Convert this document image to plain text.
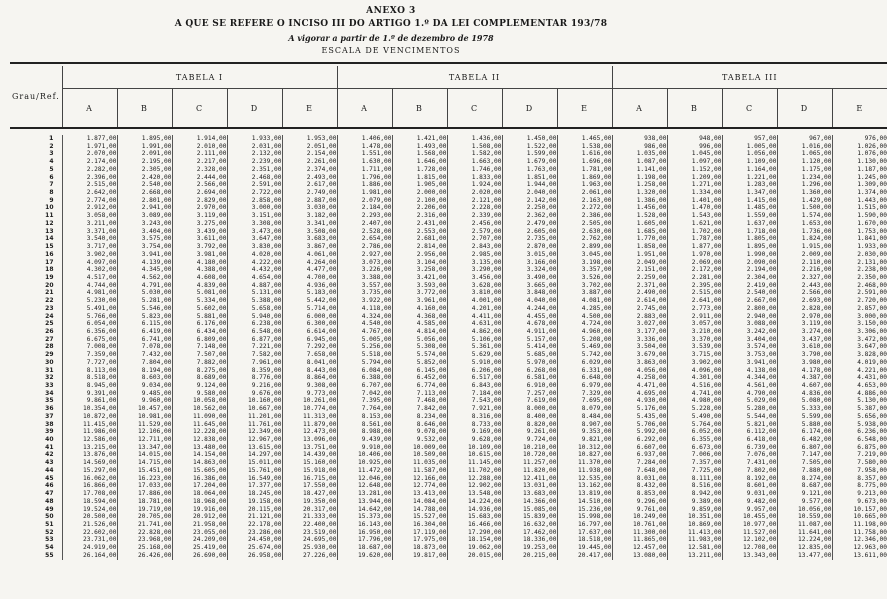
ANEXO 3
A QUE SE REFERE O INCISO III DO ARTIGO 1.º DA LEI COMPLEMENTAR 193/78
A vigorar a partir de 1.º de dezembro de 1978
ESCALA DE VENCIMENTOS

Grau/Ref.	TABELA I					TABELA II					TABELA III				
	A	B	C	D	E	A	B	C	D	E	A	B	C	D	E

1	1.877,00	1.895,00	1.914,00	1.933,00	1.953,00	1.406,00	1.421,00	1.436,00	1.450,00	1.465,00	938,00	948,00	957,00	967,00	976,00
2	1.971,00	1.991,00	2.010,00	2.031,00	2.051,00	1.478,00	1.493,00	1.508,00	1.522,00	1.538,00	986,00	996,00	1.005,00	1.016,00	1.026,00
3	2.070,00	2.091,00	2.111,00	2.132,00	2.154,00	1.551,00	1.568,00	1.582,00	1.599,00	1.616,00	1.035,00	1.045,00	1.056,00	1.065,00	1.076,00
4	2.174,00	2.195,00	2.217,00	2.239,00	2.261,00	1.630,00	1.646,00	1.663,00	1.679,00	1.696,00	1.087,00	1.097,00	1.109,00	1.120,00	1.130,00
5	2.282,00	2.305,00	2.328,00	2.351,00	2.374,00	1.711,00	1.728,00	1.746,00	1.763,00	1.781,00	1.141,00	1.152,00	1.164,00	1.175,00	1.187,00
6	2.396,00	2.420,00	2.444,00	2.468,00	2.493,00	1.796,00	1.815,00	1.833,00	1.851,00	1.869,00	1.198,00	1.209,00	1.221,00	1.234,00	1.245,00
7	2.515,00	2.540,00	2.566,00	2.591,00	2.617,00	1.886,00	1.905,00	1.924,00	1.944,00	1.963,00	1.258,00	1.271,00	1.283,00	1.296,00	1.309,00
8	2.642,00	2.668,00	2.694,00	2.722,00	2.749,00	1.981,00	2.000,00	2.020,00	2.040,00	2.061,00	1.320,00	1.334,00	1.347,00	1.360,00	1.374,00
9	2.774,00	2.801,00	2.829,00	2.858,00	2.887,00	2.079,00	2.100,00	2.121,00	2.142,00	2.163,00	1.386,00	1.401,00	1.415,00	1.429,00	1.443,00
10	2.912,00	2.941,00	2.970,00	3.000,00	3.030,00	2.184,00	2.206,00	2.228,00	2.250,00	2.272,00	1.456,00	1.470,00	1.485,00	1.500,00	1.515,00
11	3.058,00	3.089,00	3.119,00	3.151,00	3.182,00	2.293,00	2.316,00	2.339,00	2.362,00	2.386,00	1.528,00	1.543,00	1.559,00	1.574,00	1.590,00
12	3.211,00	3.243,00	3.275,00	3.308,00	3.341,00	2.407,00	2.431,00	2.456,00	2.479,00	2.505,00	1.605,00	1.621,00	1.637,00	1.653,00	1.670,00
13	3.371,00	3.404,00	3.439,00	3.473,00	3.508,00	2.528,00	2.553,00	2.579,00	2.605,00	2.630,00	1.685,00	1.702,00	1.718,00	1.736,00	1.753,00
14	3.540,00	3.575,00	3.611,00	3.647,00	3.683,00	2.654,00	2.681,00	2.707,00	2.735,00	2.762,00	1.770,00	1.787,00	1.805,00	1.824,00	1.841,00
15	3.717,00	3.754,00	3.792,00	3.830,00	3.867,00	2.786,00	2.814,00	2.843,00	2.870,00	2.899,00	1.858,00	1.877,00	1.895,00	1.915,00	1.933,00
16	3.902,00	3.941,00	3.981,00	4.020,00	4.061,00	2.927,00	2.956,00	2.985,00	3.015,00	3.045,00	1.951,00	1.970,00	1.990,00	2.009,00	2.030,00
17	4.097,00	4.139,00	4.180,00	4.222,00	4.264,00	3.073,00	3.104,00	3.135,00	3.166,00	3.198,00	2.049,00	2.069,00	2.090,00	2.110,00	2.131,00
18	4.302,00	4.345,00	4.388,00	4.432,00	4.477,00	3.226,00	3.258,00	3.290,00	3.324,00	3.357,00	2.151,00	2.172,00	2.194,00	2.216,00	2.238,00
19	4.517,00	4.562,00	4.608,00	4.654,00	4.700,00	3.388,00	3.421,00	3.456,00	3.490,00	3.526,00	2.259,00	2.281,00	2.304,00	2.327,00	2.350,00
20	4.744,00	4.791,00	4.839,00	4.887,00	4.936,00	3.557,00	3.593,00	3.628,00	3.665,00	3.702,00	2.371,00	2.395,00	2.419,00	2.443,00	2.468,00
21	4.981,00	5.030,00	5.081,00	5.131,00	5.183,00	3.735,00	3.772,00	3.810,00	3.848,00	3.887,00	2.490,00	2.515,00	2.540,00	2.566,00	2.591,00
22	5.230,00	5.281,00	5.334,00	5.388,00	5.442,00	3.922,00	3.961,00	4.001,00	4.040,00	4.081,00	2.614,00	2.641,00	2.667,00	2.693,00	2.720,00
23	5.491,00	5.546,00	5.602,00	5.658,00	5.714,00	4.118,00	4.160,00	4.201,00	4.244,00	4.285,00	2.745,00	2.773,00	2.800,00	2.828,00	2.857,00
24	5.766,00	5.823,00	5.881,00	5.940,00	6.000,00	4.324,00	4.368,00	4.411,00	4.455,00	4.500,00	2.883,00	2.911,00	2.940,00	2.970,00	3.000,00
25	6.054,00	6.115,00	6.176,00	6.238,00	6.300,00	4.540,00	4.585,00	4.631,00	4.678,00	4.724,00	3.027,00	3.057,00	3.088,00	3.119,00	3.150,00
26	6.356,00	6.419,00	6.434,00	6.548,00	6.614,00	4.767,00	4.814,00	4.862,00	4.911,00	4.960,00	3.177,00	3.210,00	3.242,00	3.274,00	3.306,00
27	6.675,00	6.741,00	6.809,00	6.877,00	6.945,00	5.005,00	5.056,00	5.106,00	5.157,00	5.208,00	3.336,00	3.370,00	3.404,00	3.437,00	3.472,00
28	7.008,00	7.078,00	7.148,00	7.221,00	7.292,00	5.256,00	5.308,00	5.361,00	5.414,00	5.469,00	3.504,00	3.539,00	3.574,00	3.610,00	3.647,00
29	7.359,00	7.432,00	7.507,00	7.582,00	7.658,00	5.518,00	5.574,00	5.629,00	5.685,00	5.742,00	3.679,00	3.715,00	3.753,00	3.790,00	3.828,00
30	7.727,00	7.804,00	7.882,00	7.961,00	8.041,00	5.794,00	5.852,00	5.910,00	5.970,00	6.029,00	3.863,00	3.902,00	3.941,00	3.980,00	4.019,00
31	8.113,00	8.194,00	8.275,00	8.359,00	8.443,00	6.084,00	6.145,00	6.206,00	6.268,00	6.331,00	4.056,00	4.096,00	4.138,00	4.178,00	4.221,00
32	8.518,00	8.603,00	8.689,00	8.776,00	8.864,00	6.388,00	6.452,00	6.517,00	6.581,00	6.648,00	4.258,00	4.301,00	4.344,00	4.387,00	4.431,00
33	8.945,00	9.034,00	9.124,00	9.216,00	9.308,00	6.707,00	6.774,00	6.843,00	6.910,00	6.979,00	4.471,00	4.516,00	4.561,00	4.607,00	4.653,00
34	9.391,00	9.485,00	9.580,00	9.676,00	9.773,00	7.042,00	7.113,00	7.184,00	7.257,00	7.329,00	4.695,00	4.741,00	4.790,00	4.836,00	4.886,00
35	9.861,00	9.960,00	10.058,00	10.160,00	10.261,00	7.395,00	7.468,00	7.543,00	7.619,00	7.695,00	4.930,00	4.980,00	5.029,00	5.080,00	5.130,00
36	10.354,00	10.457,00	10.562,00	10.667,00	10.774,00	7.764,00	7.842,00	7.921,00	8.000,00	8.079,00	5.176,00	5.228,00	5.280,00	5.333,00	5.387,00
37	10.872,00	10.981,00	11.090,00	11.201,00	11.313,00	8.153,00	8.234,00	8.316,00	8.400,00	8.484,00	5.435,00	5.490,00	5.544,00	5.599,00	5.656,00
38	11.415,00	11.529,00	11.645,00	11.761,00	11.879,00	8.561,00	8.646,00	8.733,00	8.820,00	8.907,00	5.706,00	5.764,00	5.821,00	5.880,00	5.938,00
39	11.986,00	12.106,00	12.228,00	12.349,00	12.473,00	8.988,00	9.078,00	9.169,00	9.261,00	9.353,00	5.992,00	6.052,00	6.112,00	6.174,00	6.236,00
40	12.586,00	12.711,00	12.838,00	12.967,00	13.096,00	9.439,00	9.532,00	9.628,00	9.724,00	9.821,00	6.292,00	6.355,00	6.418,00	6.482,00	6.548,00
41	13.215,00	13.347,00	13.480,00	13.615,00	13.751,00	9.910,00	10.009,00	10.109,00	10.210,00	10.312,00	6.607,00	6.673,00	6.739,00	6.807,00	6.875,00
42	13.876,00	14.015,00	14.154,00	14.297,00	14.439,00	10.406,00	10.509,00	10.615,00	10.720,00	10.827,00	6.937,00	7.006,00	7.076,00	7.147,00	7.219,00
43	14.569,00	14.715,00	14.863,00	15.011,00	15.160,00	10.925,00	11.035,00	11.145,00	11.257,00	11.370,00	7.284,00	7.357,00	7.431,00	7.505,00	7.580,00
44	15.297,00	15.451,00	15.605,00	15.761,00	15.918,00	11.472,00	11.587,00	11.702,00	11.820,00	11.938,00	7.648,00	7.725,00	7.802,00	7.880,00	7.958,00
45	16.062,00	16.223,00	16.386,00	16.549,00	16.715,00	12.046,00	12.166,00	12.288,00	12.411,00	12.535,00	8.031,00	8.111,00	8.192,00	8.274,00	8.357,00
46	16.866,00	17.033,00	17.204,00	17.377,00	17.550,00	12.648,00	12.774,00	12.902,00	13.031,00	13.162,00	8.432,00	8.516,00	8.601,00	8.687,00	8.775,00
47	17.708,00	17.886,00	18.064,00	18.245,00	18.427,00	13.281,00	13.413,00	13.548,00	13.683,00	13.819,00	8.853,00	8.942,00	9.031,00	9.121,00	9.213,00
48	18.594,00	18.781,00	18.968,00	19.158,00	19.350,00	13.944,00	14.084,00	14.224,00	14.366,00	14.510,00	9.296,00	9.389,00	9.482,00	9.577,00	9.673,00
49	19.524,00	19.719,00	19.916,00	20.115,00	20.317,00	14.642,00	14.788,00	14.936,00	15.085,00	15.236,00	9.761,00	9.859,00	9.957,00	10.056,00	10.157,00
50	20.500,00	20.705,00	20.912,00	21.121,00	21.333,00	15.373,00	15.527,00	15.683,00	15.839,00	15.998,00	10.249,00	10.351,00	10.455,00	10.559,00	10.665,00
51	21.526,00	21.741,00	21.958,00	22.178,00	22.400,00	16.143,00	16.304,00	16.466,00	16.632,00	16.797,00	10.761,00	10.869,00	10.977,00	11.087,00	11.198,00
52	22.602,00	22.828,00	23.055,00	23.286,00	23.519,00	16.950,00	17.119,00	17.290,00	17.462,00	17.637,00	11.300,00	11.413,00	11.527,00	11.641,00	11.758,00
53	23.731,00	23.968,00	24.209,00	24.450,00	24.695,00	17.796,00	17.975,00	18.154,00	18.336,00	18.518,00	11.865,00	11.983,00	12.102,00	12.224,00	12.346,00
54	24.919,00	25.168,00	25.419,00	25.674,00	25.930,00	18.687,00	18.873,00	19.062,00	19.253,00	19.445,00	12.457,00	12.581,00	12.708,00	12.835,00	12.963,00
55	26.164,00	26.426,00	26.690,00	26.958,00	27.226,00	19.620,00	19.817,00	20.015,00	20.215,00	20.417,00	13.080,00	13.211,00	13.343,00	13.477,00	13.611,00
